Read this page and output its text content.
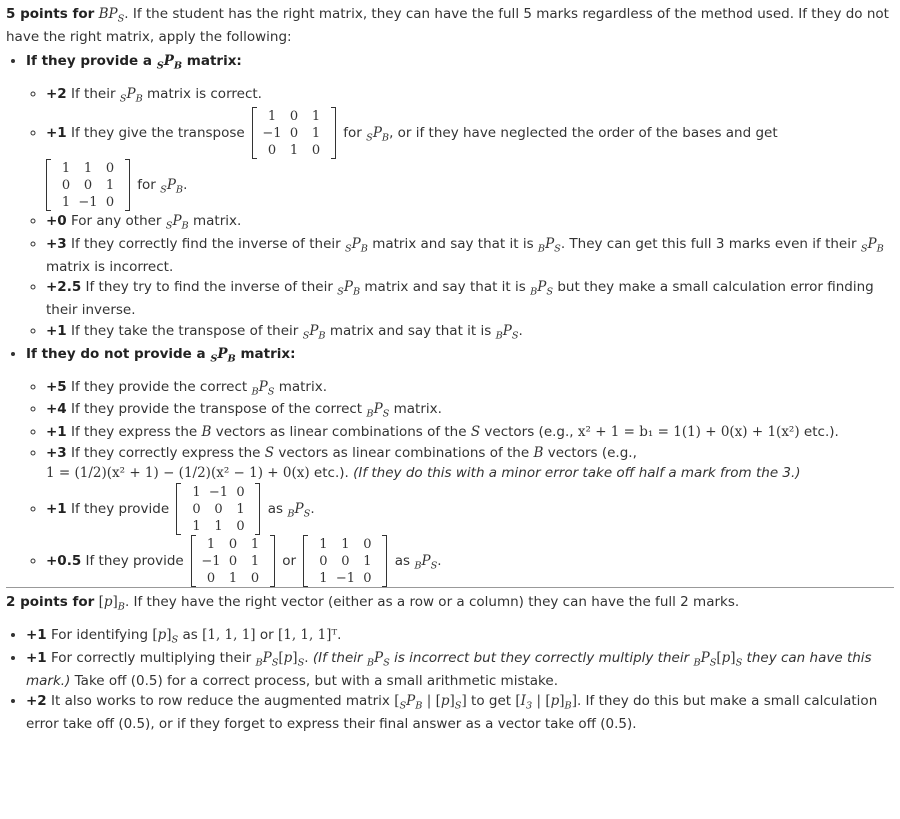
5 points for $BP_S$. If the student has the right matrix, they can have the full 5 marks regardless of the method used. If they do not have the right matrix, apply the following:

• If they provide a $_SP_B$ matrix:
◦ +2 If their $_SP_B$ matrix is correct.
◦ +1 If they give the transpose	
1	0	1
−1 0	1
0	1	0
	for $_SP_B$, or if they have neglected the order of the bases and get

1	1	0
0	0	1
1 −1 0
	for $_SP_B$.
◦ +0 For any other $_SP_B$ matrix.
◦ +3 If they correctly find the inverse of their $_SP_B$ matrix and say that it is $_BP_S$. They can get this full 3 marks even if their $_SP_B$ matrix is incorrect.
◦ +2.5 If they try to find the inverse of their $_SP_B$ matrix and say that it is $_BP_S$ but they make a small calculation error finding their inverse.
◦ +1 If they take the transpose of their $_SP_B$ matrix and say that it is $_BP_S$.
• If they do not provide a $_SP_B$ matrix:
◦ +5 If they provide the correct $_BP_S$ matrix.
◦ +4 If they provide the transpose of the correct $_BP_S$ matrix.
◦ +1 If they express the B vectors as linear combinations of the S vectors (e.g., x² + 1 = b₁ = 1(1) + 0(x) + 1(x²) etc.).
◦ +3 If they correctly express the S vectors as linear combinations of the B vectors (e.g.,
1 = (1/2)(x² + 1) − (1/2)(x² − 1) + 0(x) etc.). (If they do this with a minor error take off half a mark from the 3.)
◦ +1 If they provide	
1 −1 0
0	0	1
1	1	0
	as $_BP_S$.
◦ +0.5 If they provide	
1	0	1
−1 0	1
0	1	0
	or	
1	1	0
0	0	1
1 −1 0
	as $_BP_S$.

2 points for $[p]_B$. If they have the right vector (either as a row or a column) they can have the full 2 marks.

• +1 For identifying $[p]_S$ as [1, 1, 1] or [1, 1, 1]ᵀ.
• +1 For correctly multiplying their $_BP_S[p]_S$. (If their $_BP_S$ is incorrect but they correctly multiply their $_BP_S[p]_S$ they can have this mark.) Take off (0.5) for a correct process, but with a small arithmetic mistake.
• +2 It also works to row reduce the augmented matrix [$_SP_B$ | $[p]_S$] to get [$I_3$ | $[p]_B$]. If they do this but make a small calculation error take off (0.5), or if they forget to express their final answer as a vector take off (0.5).
